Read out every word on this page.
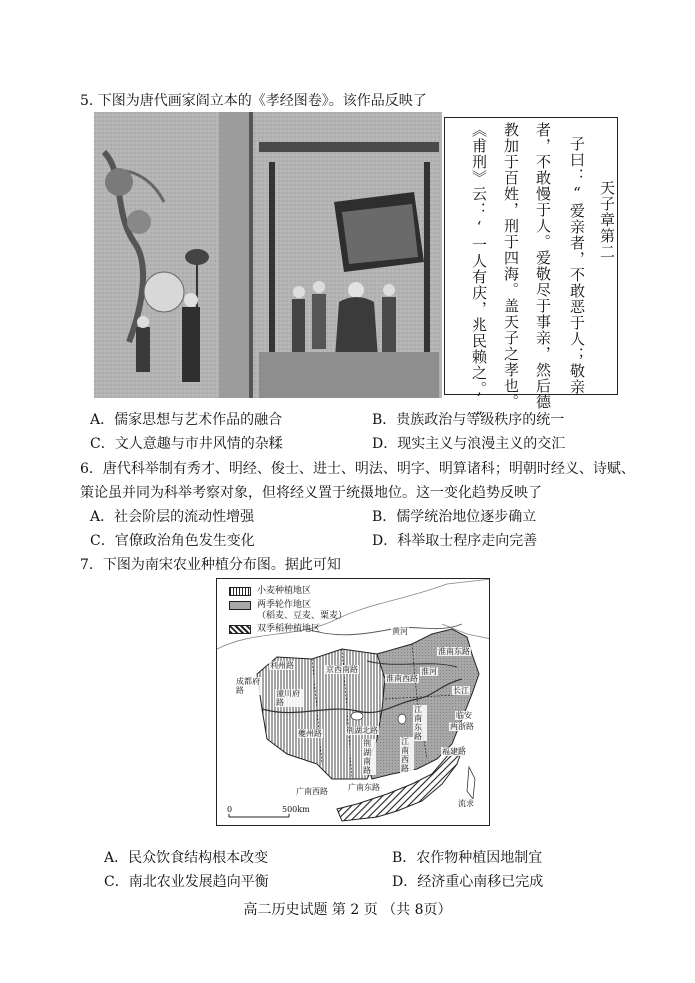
5. 下图为唐代画家阎立本的《孝经图卷》。该作品反映了
天子章第二
子曰：“爱亲者，不敢恶于人；敬亲
者，不敢慢于人。爱敬尽于事亲，然后德
教加于百姓，刑于四海。盖天子之孝也。
《甫刑》云：‘一人有庆，兆民赖之。’”
A．儒家思想与艺术作品的融合	B．贵族政治与等级秩序的统一
C．文人意趣与市井风情的杂糅	D．现实主义与浪漫主义的交汇
6．唐代科举制有秀才、明经、俊士、进士、明法、明字、明算诸科；明朝时经义、诗赋、
策论虽并同为科举考察对象，但将经义置于统摄地位。这一变化趋势反映了
A．社会阶层的流动性增强	B．儒学统治地位逐步确立
C．官僚政治角色发生变化	D．科举取士程序走向完善
7．下图为南宋农业种植分布图。据此可知
小麦种植地区
两季轮作地区
（稻麦、豆麦、粟麦）
双季稻种植地区	黄河
淮南东路
淮南西路
淮河
长江
利州路
成都府路
京西南路
潼川府路
夔州路	荆湖北路
江南东路
临安
两浙路
江南西路
荆湖南路
福建路
广南西路	广南东路
流求
0	500km
A．民众饮食结构根本改变	B．农作物种植因地制宜
C．南北农业发展趋向平衡	D．经济重心南移已完成
高二历史试题 第 2 页 （共 8页）
